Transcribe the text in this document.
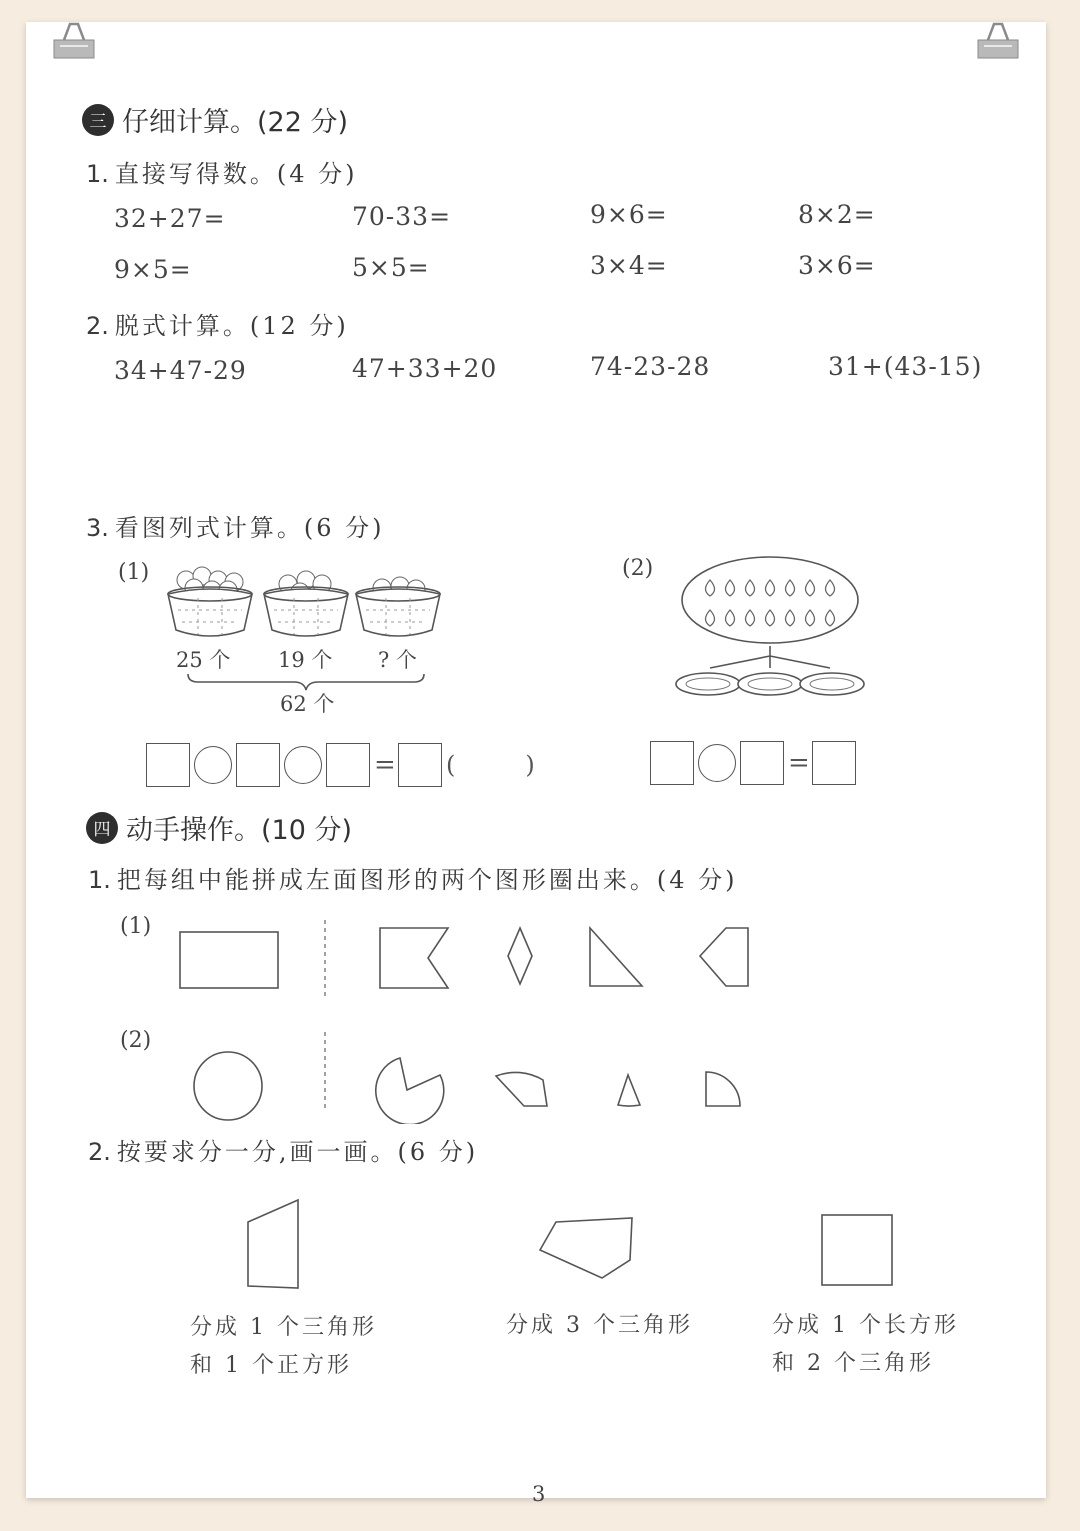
三 仔细计算。(22 分)
1. 直接写得数。(4 分)
32+27=	70-33=	9×6=	8×2=
9×5=	5×5=	3×4=	3×6=
2. 脱式计算。(12 分)
34+47-29	47+33+20	74-23-28	31+(43-15)
3. 看图列式计算。(6 分)
(1)
25 个 19 个 ? 个
62 个
(2)
= (	)	=
四 动手操作。(10 分)
1. 把每组中能拼成左面图形的两个图形圈出来。(4 分)
(1)
(2)
2. 按要求分一分,画一画。(6 分)
分成 1 个三角形
和 1 个正方形
分成 3 个三角形	分成 1 个长方形
和 2 个三角形
3
